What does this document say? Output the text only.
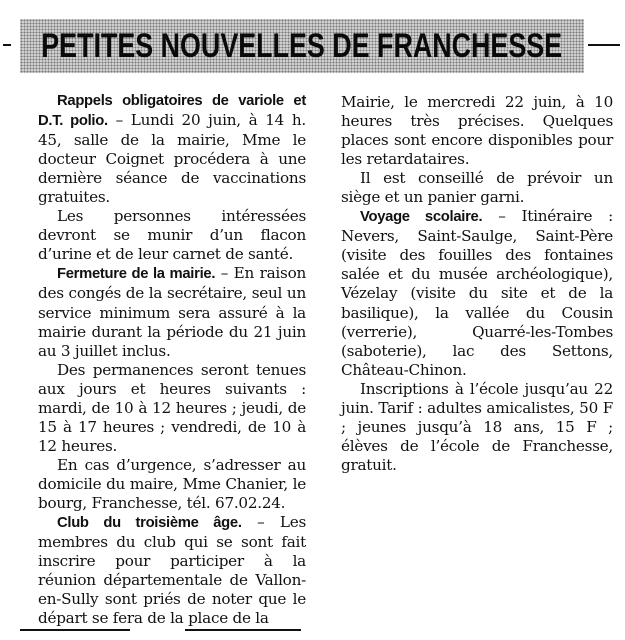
PETITES NOUVELLES DE FRANCHESSE

Rappels obligatoires de variole et D.T. polio. – Lundi 20 juin, à 14 h. 45, salle de la mairie, Mme le docteur Coignet procédera à une dernière séance de vaccinations gratuites.

Les personnes intéressées devront se munir d’un flacon d’urine et de leur carnet de santé.

Fermeture de la mairie. – En raison des congés de la secrétaire, seul un service minimum sera assuré à la mairie durant la période du 21 juin au 3 juillet inclus.

Des permanences seront tenues aux jours et heures suivants : mardi, de 10 à 12 heures ; jeudi, de 15 à 17 heures ; vendredi, de 10 à 12 heures.

En cas d’urgence, s’adresser au domicile du maire, Mme Chanier, le bourg, Franchesse, tél. 67.02.24.

Club du troisième âge. – Les membres du club qui se sont fait inscrire pour participer à la réunion départementale de Vallon-en-Sully sont priés de noter que le départ se fera de la place de la

Mairie, le mercredi 22 juin, à 10 heures très précises. Quelques places sont encore disponibles pour les retardataires.

Il est conseillé de prévoir un siège et un panier garni.

Voyage scolaire. – Itinéraire : Nevers, Saint-Saulge, Saint-Père (visite des fouilles des fontaines salée et du musée archéologique), Vézelay (visite du site et de la basilique), la vallée du Cousin (verrerie), Quarré-les-Tombes (saboterie), lac des Settons, Château-Chinon.

Inscriptions à l’école jusqu’au 22 juin. Tarif : adultes amicalistes, 50 F ; jeunes jusqu’à 18 ans, 15 F ; élèves de l’école de Franchesse, gratuit.
